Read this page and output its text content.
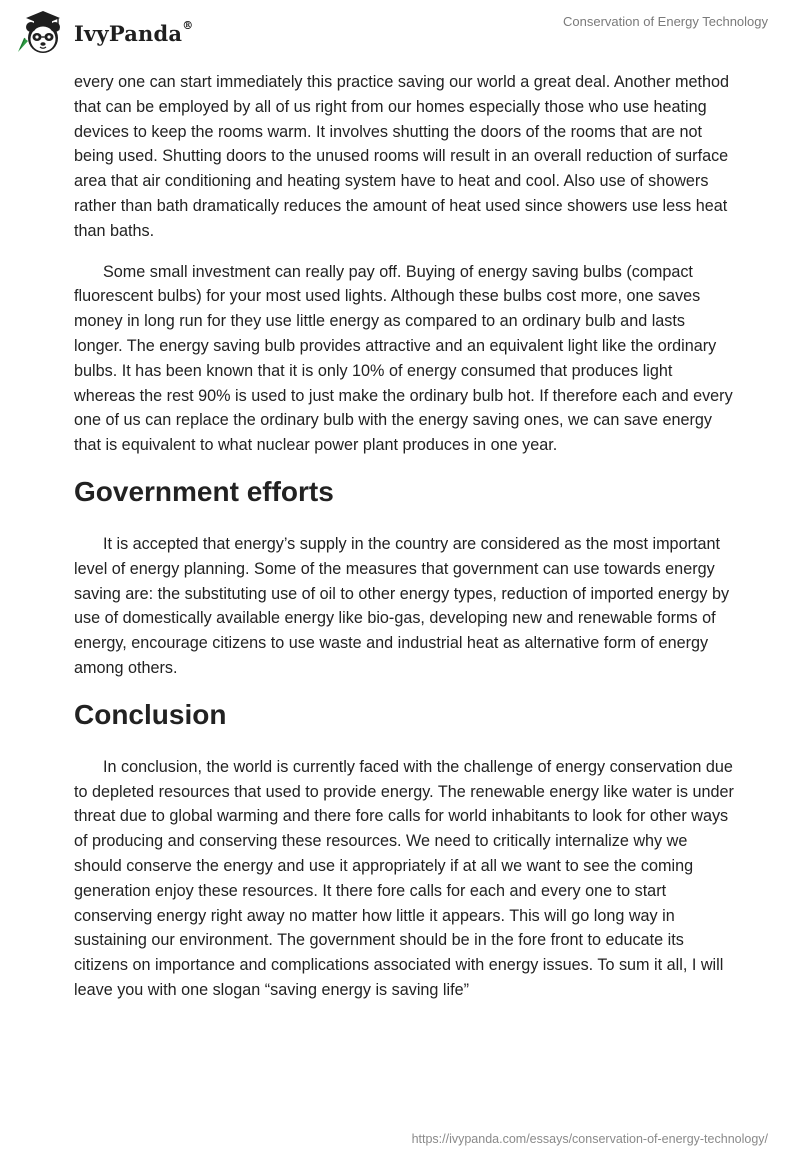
IvyPanda®	Conservation of Energy Technology

every one can start immediately this practice saving our world a great deal. Another method that can be employed by all of us right from our homes especially those who use heating devices to keep the rooms warm. It involves shutting the doors of the rooms that are not being used. Shutting doors to the unused rooms will result in an overall reduction of surface area that air conditioning and heating system have to heat and cool. Also use of showers rather than bath dramatically reduces the amount of heat used since showers use less heat than baths.

Some small investment can really pay off. Buying of energy saving bulbs (compact fluorescent bulbs) for your most used lights. Although these bulbs cost more, one saves money in long run for they use little energy as compared to an ordinary bulb and lasts longer. The energy saving bulb provides attractive and an equivalent light like the ordinary bulbs. It has been known that it is only 10% of energy consumed that produces light whereas the rest 90% is used to just make the ordinary bulb hot. If therefore each and every one of us can replace the ordinary bulb with the energy saving ones, we can save energy that is equivalent to what nuclear power plant produces in one year.

Government efforts

It is accepted that energy’s supply in the country are considered as the most important level of energy planning. Some of the measures that government can use towards energy saving are: the substituting use of oil to other energy types, reduction of imported energy by use of domestically available energy like bio-gas, developing new and renewable forms of energy, encourage citizens to use waste and industrial heat as alternative form of energy among others.

Conclusion

In conclusion, the world is currently faced with the challenge of energy conservation due to depleted resources that used to provide energy. The renewable energy like water is under threat due to global warming and there fore calls for world inhabitants to look for other ways of producing and conserving these resources. We need to critically internalize why we should conserve the energy and use it appropriately if at all we want to see the coming generation enjoy these resources. It there fore calls for each and every one to start conserving energy right away no matter how little it appears. This will go long way in sustaining our environment. The government should be in the fore front to educate its citizens on importance and complications associated with energy issues. To sum it all, I will leave you with one slogan “saving energy is saving life”

https://ivypanda.com/essays/conservation-of-energy-technology/
